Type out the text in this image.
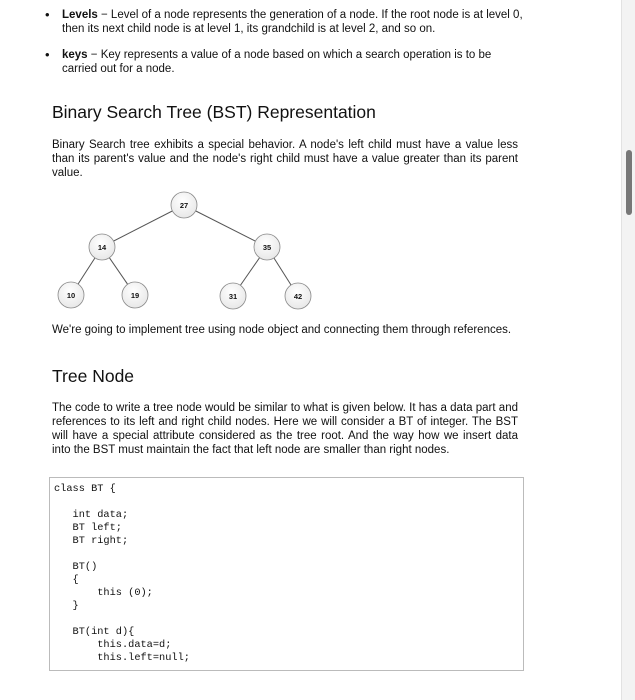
• Levels − Level of a node represents the generation of a node. If the root node is at level 0, then its next child node is at level 1, its grandchild is at level 2, and so on.
• keys − Key represents a value of a node based on which a search operation is to be carried out for a node.
Binary Search Tree (BST) Representation

Binary Search tree exhibits a special behavior. A node's left child must have a value less than its parent's value and the node's right child must have a value greater than its parent value.

27
14	35
10	19	31	42

We're going to implement tree using node object and connecting them through references.

Tree Node

The code to write a tree node would be similar to what is given below. It has a data part and references to its left and right child nodes. Here we will consider a BT of integer. The BST will have a special attribute considered as the tree root. And the way how we insert data into the BST must maintain the fact that left node are smaller than right nodes.

class BT {

int data;
BT left;
BT right;

BT()
{
this (0);
}

BT(int d){
this.data=d;
this.left=null;
